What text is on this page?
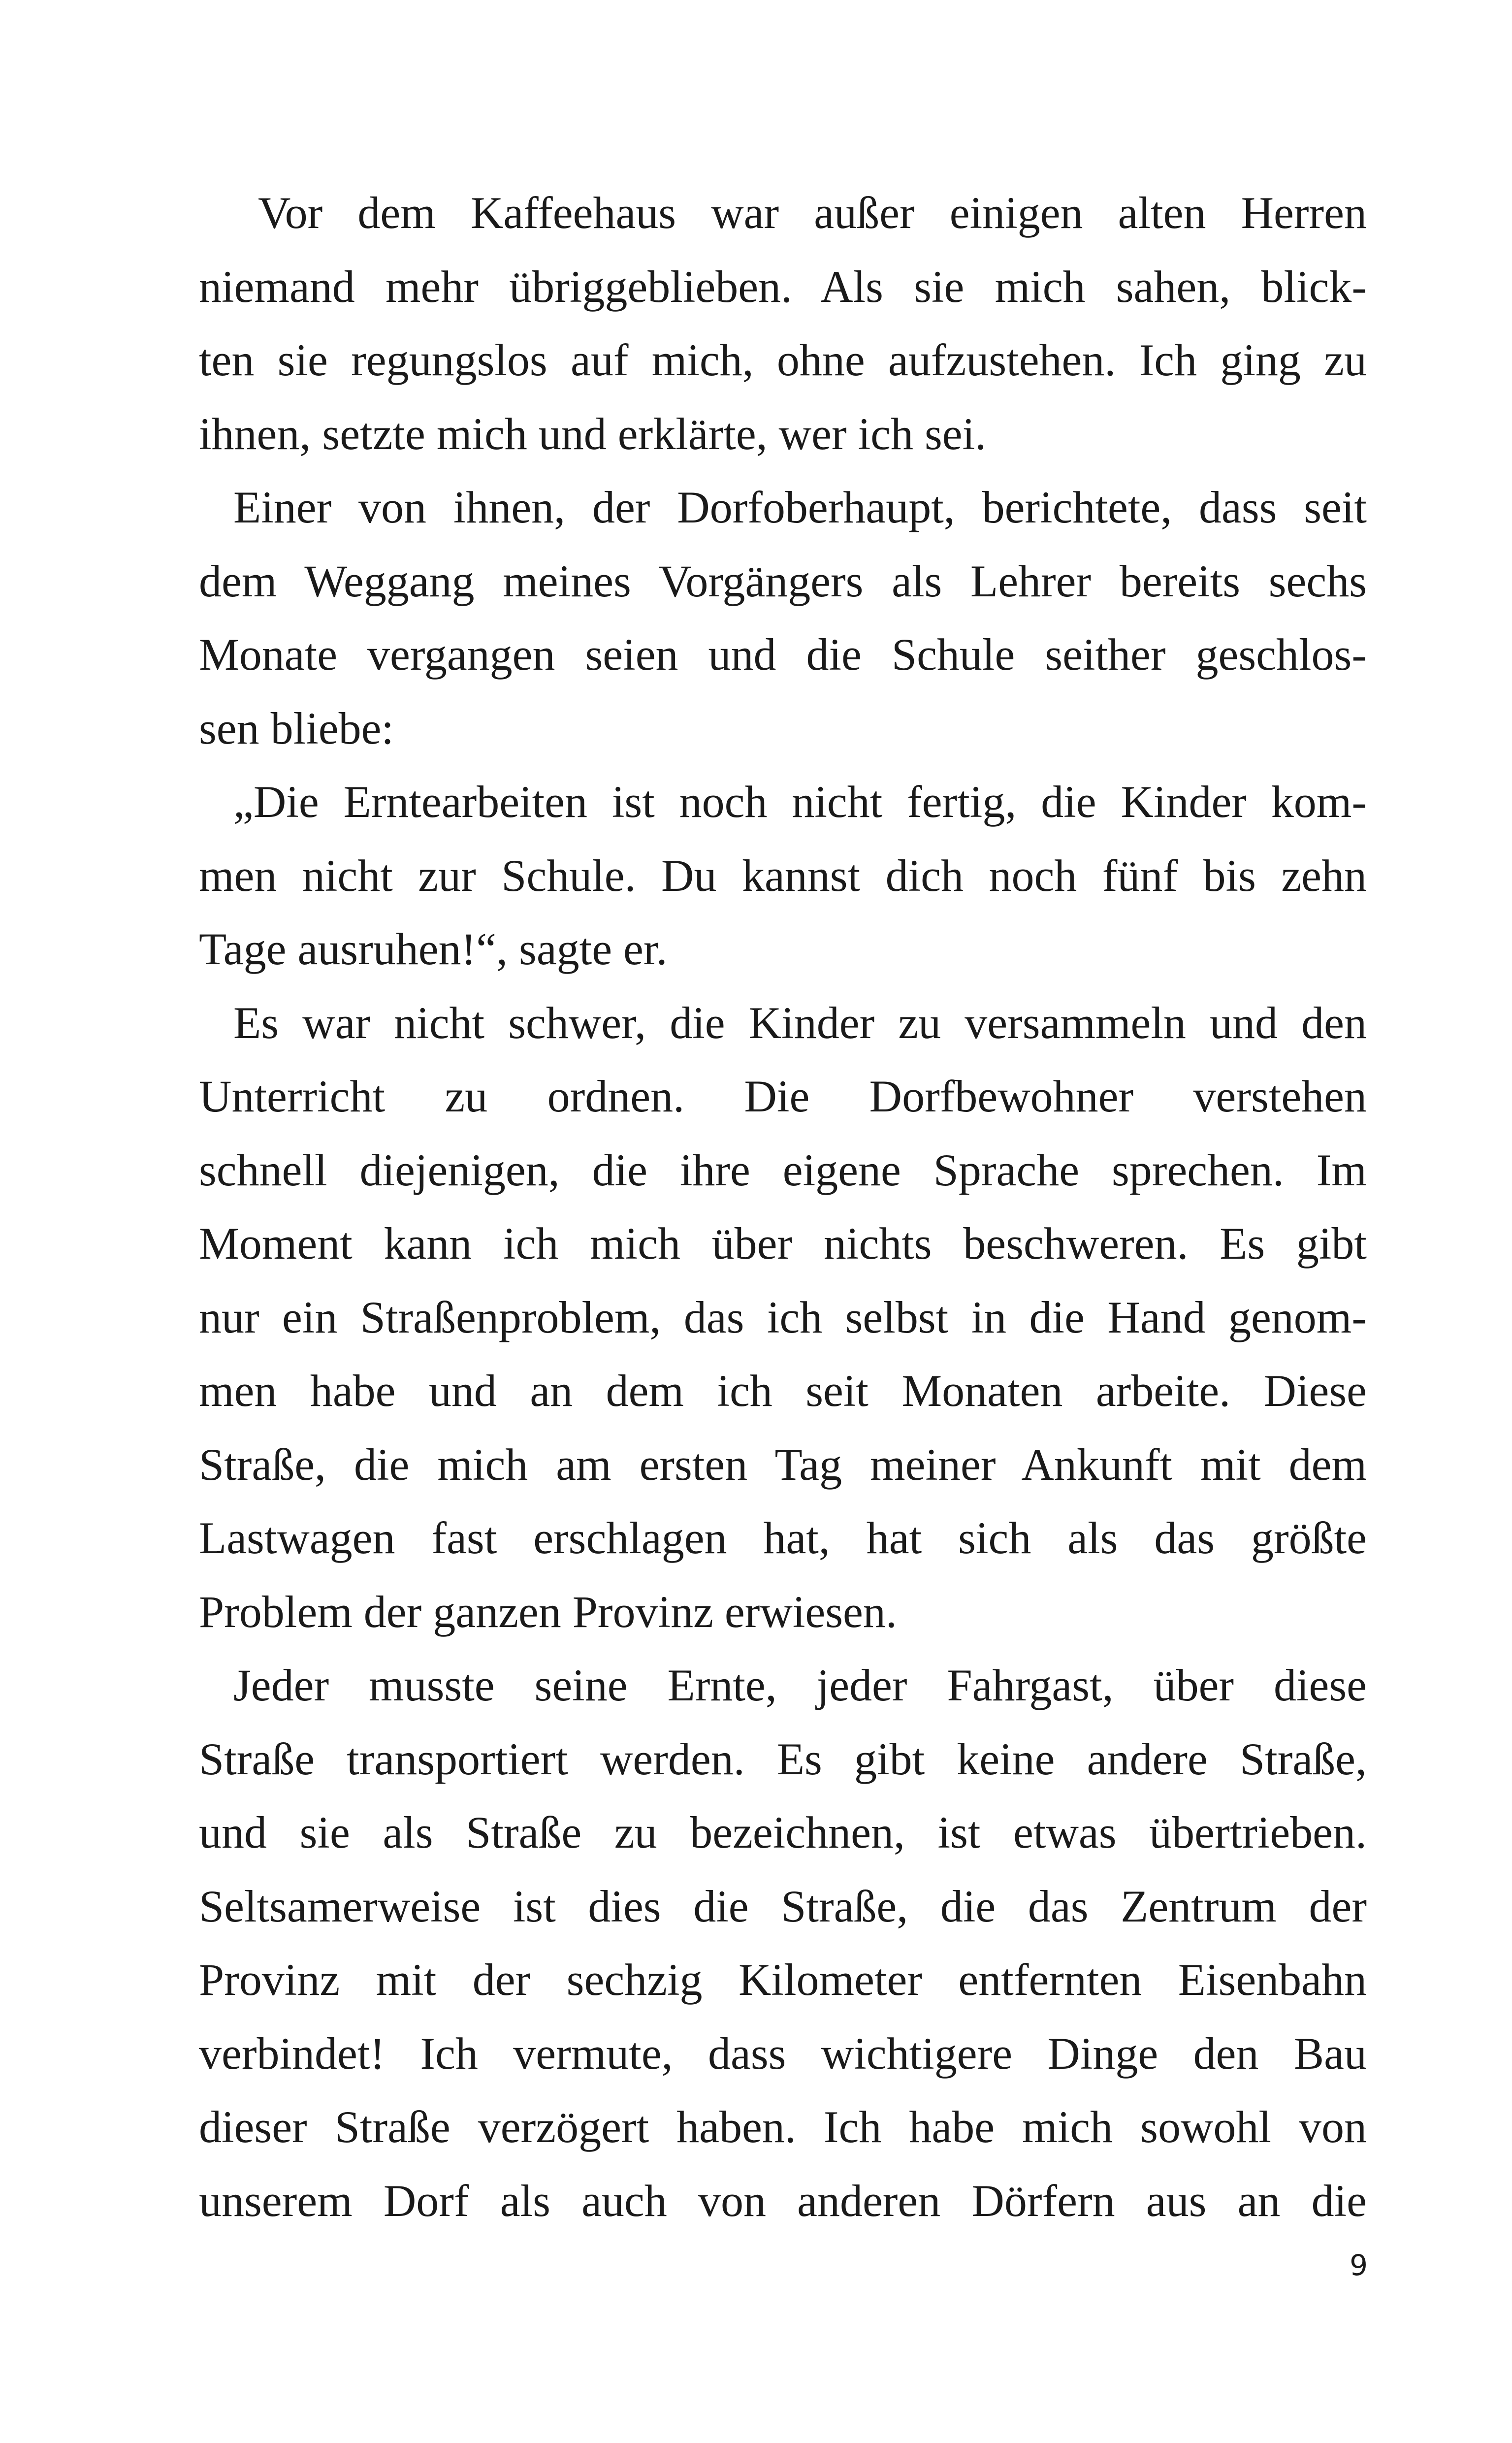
Vor dem Kaffeehaus war außer einigen alten Herren
niemand mehr übriggeblieben. Als sie mich sahen, blick-
ten sie regungslos auf mich, ohne aufzustehen. Ich ging zu
ihnen, setzte mich und erklärte, wer ich sei.
Einer von ihnen, der Dorfoberhaupt, berichtete, dass seit
dem Weggang meines Vorgängers als Lehrer bereits sechs
Monate vergangen seien und die Schule seither geschlos-
sen bliebe:
„Die Erntearbeiten ist noch nicht fertig, die Kinder kom-
men nicht zur Schule. Du kannst dich noch fünf bis zehn
Tage ausruhen!“, sagte er.
Es war nicht schwer, die Kinder zu versammeln und den
Unterricht zu ordnen. Die Dorfbewohner verstehen
schnell diejenigen, die ihre eigene Sprache sprechen. Im
Moment kann ich mich über nichts beschweren. Es gibt
nur ein Straßenproblem, das ich selbst in die Hand genom-
men habe und an dem ich seit Monaten arbeite. Diese
Straße, die mich am ersten Tag meiner Ankunft mit dem
Lastwagen fast erschlagen hat, hat sich als das größte
Problem der ganzen Provinz erwiesen.
Jeder musste seine Ernte, jeder Fahrgast, über diese
Straße transportiert werden. Es gibt keine andere Straße,
und sie als Straße zu bezeichnen, ist etwas übertrieben.
Seltsamerweise ist dies die Straße, die das Zentrum der
Provinz mit der sechzig Kilometer entfernten Eisenbahn
verbindet! Ich vermute, dass wichtigere Dinge den Bau
dieser Straße verzögert haben. Ich habe mich sowohl von
unserem Dorf als auch von anderen Dörfern aus an die
9
